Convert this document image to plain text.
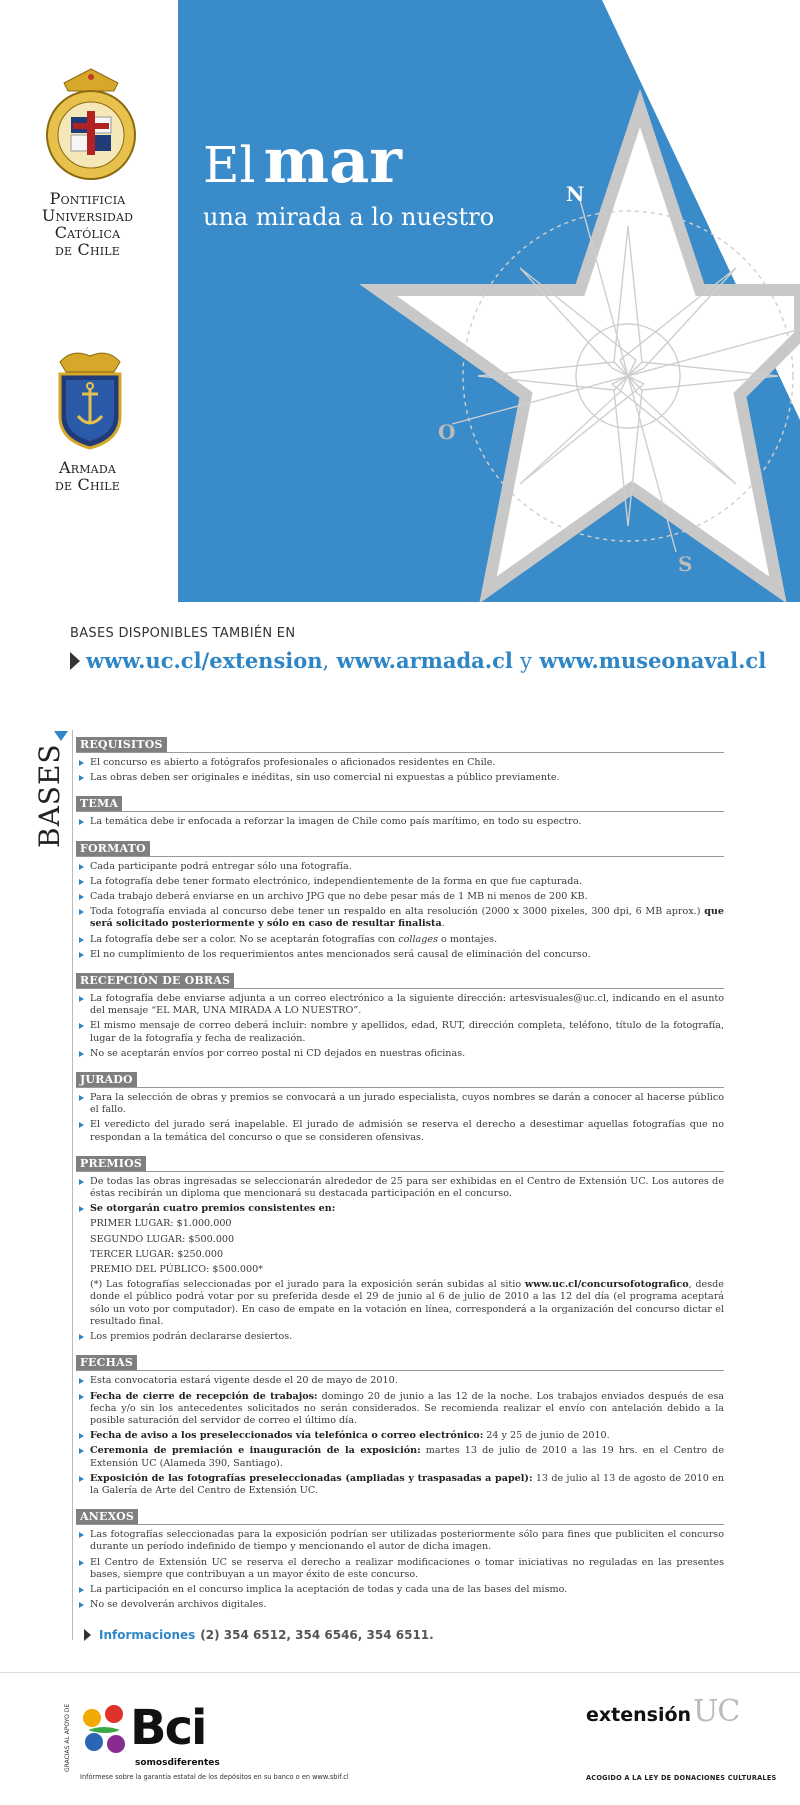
Pontificia
Universidad
Católica
de Chile
Armada
de Chile
El mar
una mirada a lo nuestro
N
O
S
BASES DISPONIBLES TAMBIÉN EN
www.uc.cl/extension ,
www.armada.cl
y
www.museonaval.cl
BASES	REQUISITOS
El concurso es abierto a fotógrafos profesionales o aficionados residentes en Chile.
Las obras deben ser originales e inéditas, sin uso comercial ni expuestas a público previamente.
TEMA
La temática debe ir enfocada a reforzar la imagen de Chile como país marítimo, en todo su espectro.
FORMATO
Cada participante podrá entregar sólo una fotografía.
La fotografía debe tener formato electrónico, independientemente de la forma en que fue capturada.
Cada trabajo deberá enviarse en un archivo JPG que no debe pesar más de 1 MB ni menos de 200 KB.
Toda fotografía enviada al concurso debe tener un respaldo en alta resolución (2000 x 3000 pixeles, 300 dpi, 6 MB aprox.) que será solicitado posteriormente y sólo en caso de resultar finalista.
La fotografía debe ser a color. No se aceptarán fotografías con collages o montajes.
El no cumplimiento de los requerimientos antes mencionados será causal de eliminación del concurso.
RECEPCIÓN DE OBRAS
La fotografía debe enviarse adjunta a un correo electrónico a la siguiente dirección: artesvisuales@uc.cl, indicando en el asunto del mensaje “EL MAR, UNA MIRADA A LO NUESTRO”.
El mismo mensaje de correo deberá incluir: nombre y apellidos, edad, RUT, dirección completa, teléfono, título de la fotografía, lugar de la fotografía y fecha de realización.
No se aceptarán envíos por correo postal ni CD dejados en nuestras oficinas.
JURADO
Para la selección de obras y premios se convocará a un jurado especialista, cuyos nombres se darán a conocer al hacerse público el fallo.
El veredicto del jurado será inapelable. El jurado de admisión se reserva el derecho a desestimar aquellas fotografías que no respondan a la temática del concurso o que se consideren ofensivas.
PREMIOS
De todas las obras ingresadas se seleccionarán alrededor de 25 para ser exhibidas en el Centro de Extensión UC. Los autores de éstas recibirán un diploma que mencionará su destacada participación en el concurso.
Se otorgarán cuatro premios consistentes en:
PRIMER LUGAR: $1.000.000
SEGUNDO LUGAR: $500.000
TERCER LUGAR: $250.000
PREMIO DEL PÚBLICO: $500.000*
(*) Las fotografías seleccionadas por el jurado para la exposición serán subidas al sitio www.uc.cl/concursofotografico, desde donde el público podrá votar por su preferida desde el 29 de junio al 6 de julio de 2010 a las 12 del día (el programa aceptará sólo un voto por computador). En caso de empate en la votación en línea, corresponderá a la organización del concurso dictar el resultado final.
Los premios podrán declararse desiertos.
FECHAS
Esta convocatoria estará vigente desde el 20 de mayo de 2010.
Fecha de cierre de recepción de trabajos: domingo 20 de junio a las 12 de la noche. Los trabajos enviados después de esa fecha y/o sin los antecedentes solicitados no serán considerados. Se recomienda realizar el envío con antelación debido a la posible saturación del servidor de correo el último día.
Fecha de aviso a los preseleccionados vía telefónica o correo electrónico: 24 y 25 de junio de 2010.
Ceremonia de premiación e inauguración de la exposición: martes 13 de julio de 2010 a las 19 hrs. en el Centro de Extensión UC (Alameda 390, Santiago).
Exposición de las fotografías preseleccionadas (ampliadas y traspasadas a papel): 13 de julio al 13 de agosto de 2010 en la Galería de Arte del Centro de Extensión UC.
ANEXOS
Las fotografías seleccionadas para la exposición podrían ser utilizadas posteriormente sólo para fines que publiciten el concurso durante un período indefinido de tiempo y mencionando el autor de dicha imagen.
El Centro de Extensión UC se reserva el derecho a realizar modificaciones o tomar iniciativas no reguladas en las presentes bases, siempre que contribuyan a un mayor éxito de este concurso.
La participación en el concurso implica la aceptación de todas y cada una de las bases del mismo.
No se devolverán archivos digitales.
Informaciones (2) 354 6512, 354 6546, 354 6511.
GRACIAS AL APOYO DE Bci
somosdiferentes
Infórmese sobre la garantía estatal de los depósitos en su banco o en www.sbif.cl
extensión UC
ACOGIDO A LA LEY DE DONACIONES CULTURALES
